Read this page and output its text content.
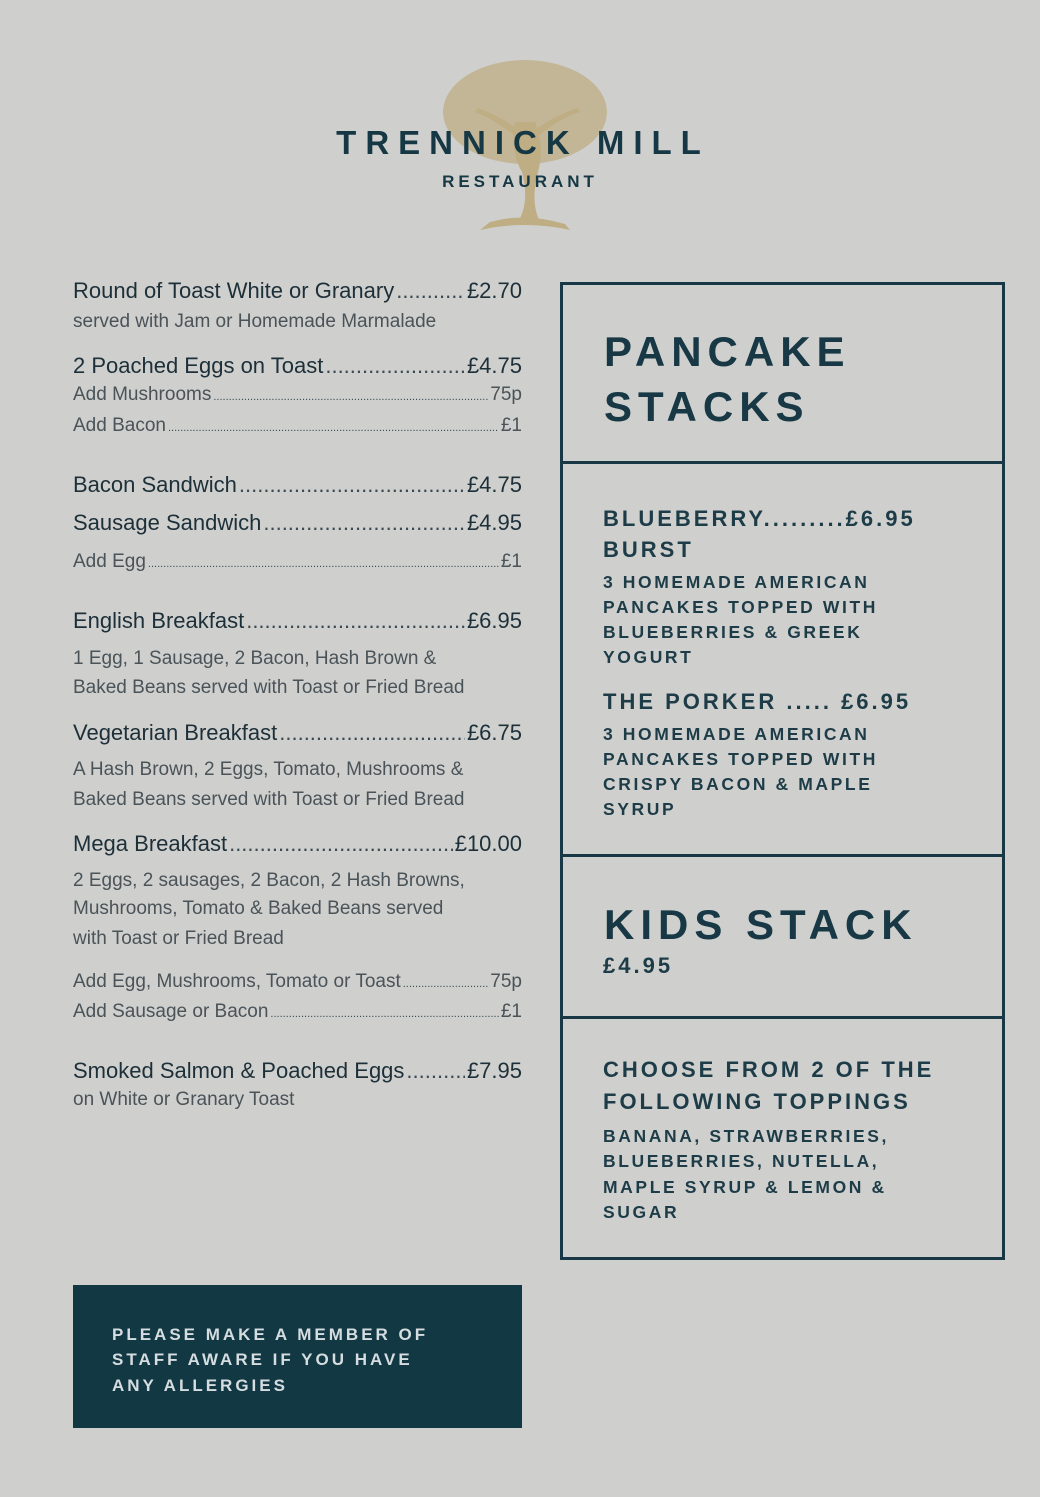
TRENNICK MILL
RESTAURANT
Round of Toast White or Granary .....	£2.70
served with Jam or Homemade Marmalade
2 Poached Eggs on Toast .....	£4.75
Add Mushrooms .....	75p
Add Bacon .....	£1
Bacon Sandwich .....	£4.75
Sausage Sandwich .....	£4.95
Add Egg .....	£1
English Breakfast .....	£6.95
1 Egg, 1 Sausage, 2 Bacon, Hash Brown &
Baked Beans served with Toast or Fried Bread
Vegetarian Breakfast .....	£6.75
A Hash Brown, 2 Eggs, Tomato, Mushrooms &
Baked Beans served with Toast or Fried Bread
Mega Breakfast .....	£10.00
2 Eggs, 2 sausages, 2 Bacon, 2 Hash Browns,
Mushrooms, Tomato & Baked Beans served
with Toast or Fried Bread
Add Egg, Mushrooms, Tomato or Toast .....	75p
Add Sausage or Bacon .....	£1
Smoked Salmon & Poached Eggs .....	£7.95
on White or Granary Toast
PANCAKE
STACKS
BLUEBERRY.........£6.95
BURST
3 HOMEMADE AMERICAN
PANCAKES TOPPED WITH
BLUEBERRIES & GREEK
YOGURT
THE PORKER ..... £6.95
3 HOMEMADE AMERICAN
PANCAKES TOPPED WITH
CRISPY BACON & MAPLE
SYRUP
KIDS STACK
£4.95
CHOOSE FROM 2 OF THE
FOLLOWING TOPPINGS
BANANA, STRAWBERRIES,
BLUEBERRIES, NUTELLA,
MAPLE SYRUP & LEMON &
SUGAR
PLEASE MAKE A MEMBER OF
STAFF AWARE IF YOU HAVE
ANY ALLERGIES
